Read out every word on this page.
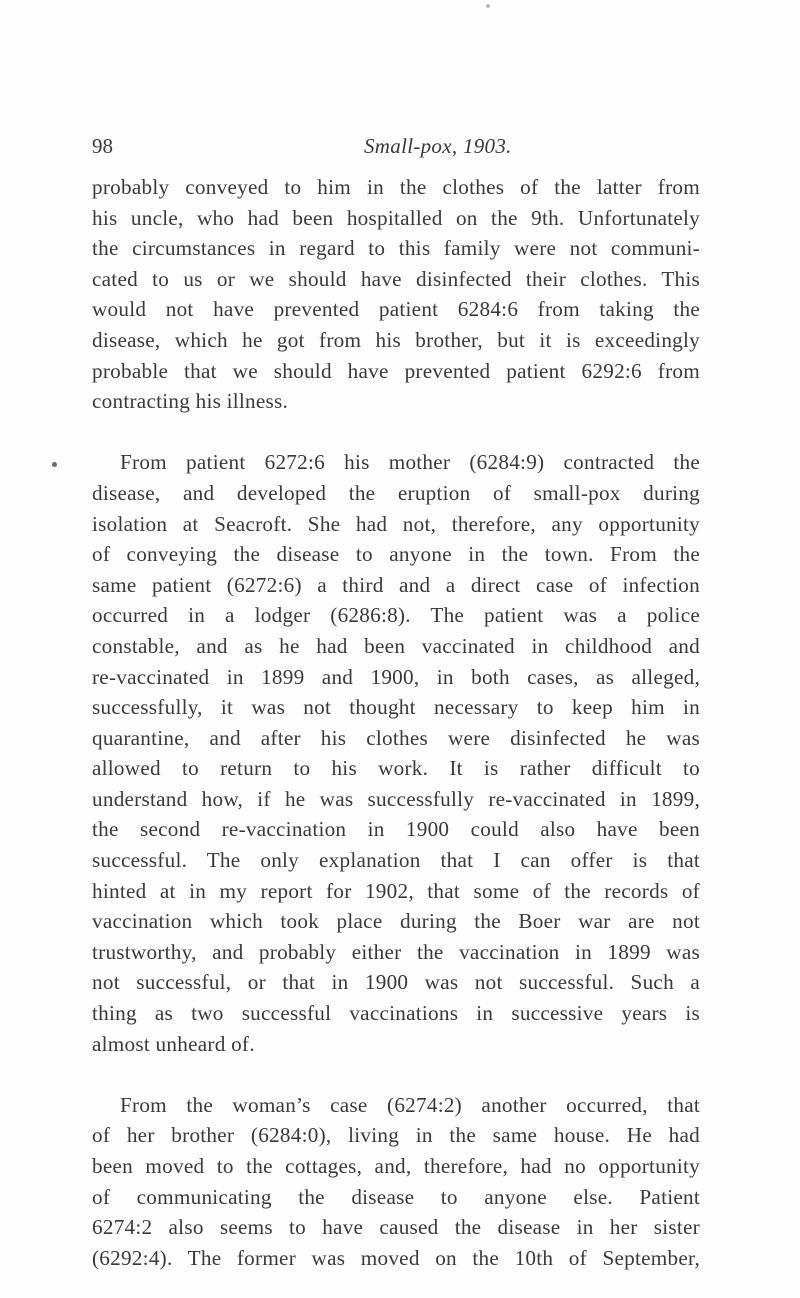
98	Small-pox, 1903.

probably conveyed to him in the clothes of the latter from
his uncle, who had been hospitalled on the 9th. Unfortunately
the circumstances in regard to this family were not communi-
cated to us or we should have disinfected their clothes. This
would not have prevented patient 6284:6 from taking the
disease, which he got from his brother, but it is exceedingly
probable that we should have prevented patient 6292:6 from
contracting his illness.

From patient 6272:6 his mother (6284:9) contracted the
disease, and developed the eruption of small-pox during
isolation at Seacroft. She had not, therefore, any opportunity
of conveying the disease to anyone in the town. From the
same patient (6272:6) a third and a direct case of infection
occurred in a lodger (6286:8). The patient was a police
constable, and as he had been vaccinated in childhood and
re-vaccinated in 1899 and 1900, in both cases, as alleged,
successfully, it was not thought necessary to keep him in
quarantine, and after his clothes were disinfected he was
allowed to return to his work. It is rather difficult to
understand how, if he was successfully re-vaccinated in 1899,
the second re-vaccination in 1900 could also have been
successful. The only explanation that I can offer is that
hinted at in my report for 1902, that some of the records of
vaccination which took place during the Boer war are not
trustworthy, and probably either the vaccination in 1899 was
not successful, or that in 1900 was not successful. Such a
thing as two successful vaccinations in successive years is
almost unheard of.

From the woman’s case (6274:2) another occurred, that
of her brother (6284:0), living in the same house. He had
been moved to the cottages, and, therefore, had no opportunity
of communicating the disease to anyone else. Patient
6274:2 also seems to have caused the disease in her sister
(6292:4). The former was moved on the 10th of September,
